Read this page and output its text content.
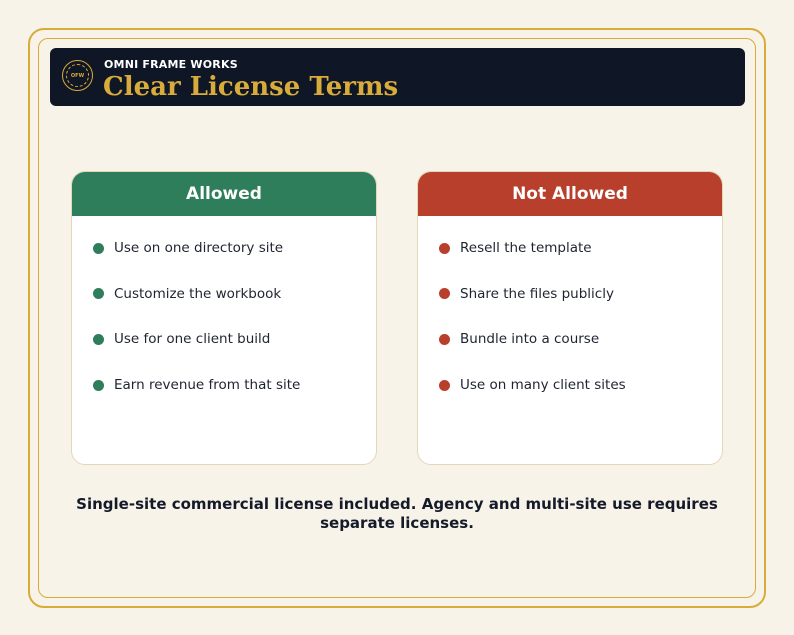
OFW
OMNI FRAME WORKS
Clear License Terms
Allowed
Use on one directory site
Customize the workbook
Use for one client build
Earn revenue from that site
Not Allowed
Resell the template
Share the files publicly
Bundle into a course
Use on many client sites
Single-site commercial license included. Agency and multi-site use requires separate licenses.
